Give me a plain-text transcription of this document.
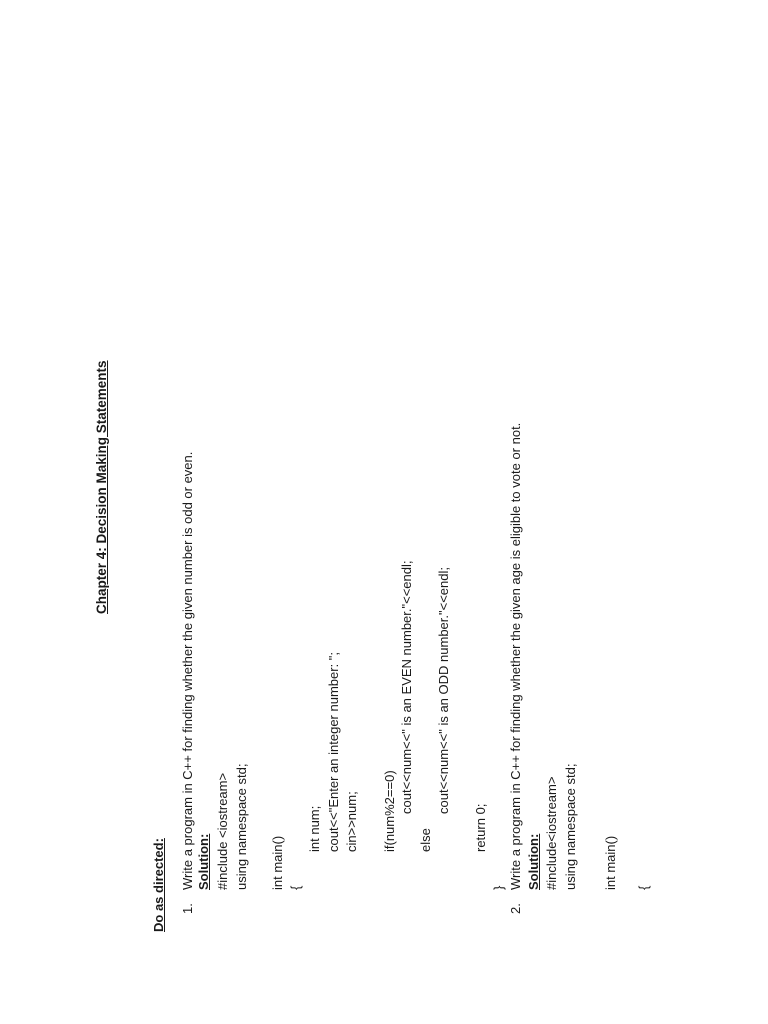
Chapter 4: Decision Making Statements
Do as directed: 1.
Write a program in C++ for finding whether the given number is odd or even. Solution: #include <iostream> using namespace std; int main() {
int num; cout<<"Enter an integer number: "; cin>>num; if(num%2==0) cout<<num<<" is an EVEN number."<<endl;
else
cout<<num<<" is an ODD number."<<endl;
return 0;
}
2.
Write a program in C++ for finding whether the given age is eligible to vote or not. Solution: #include<iostream> using namespace std; int main() {
